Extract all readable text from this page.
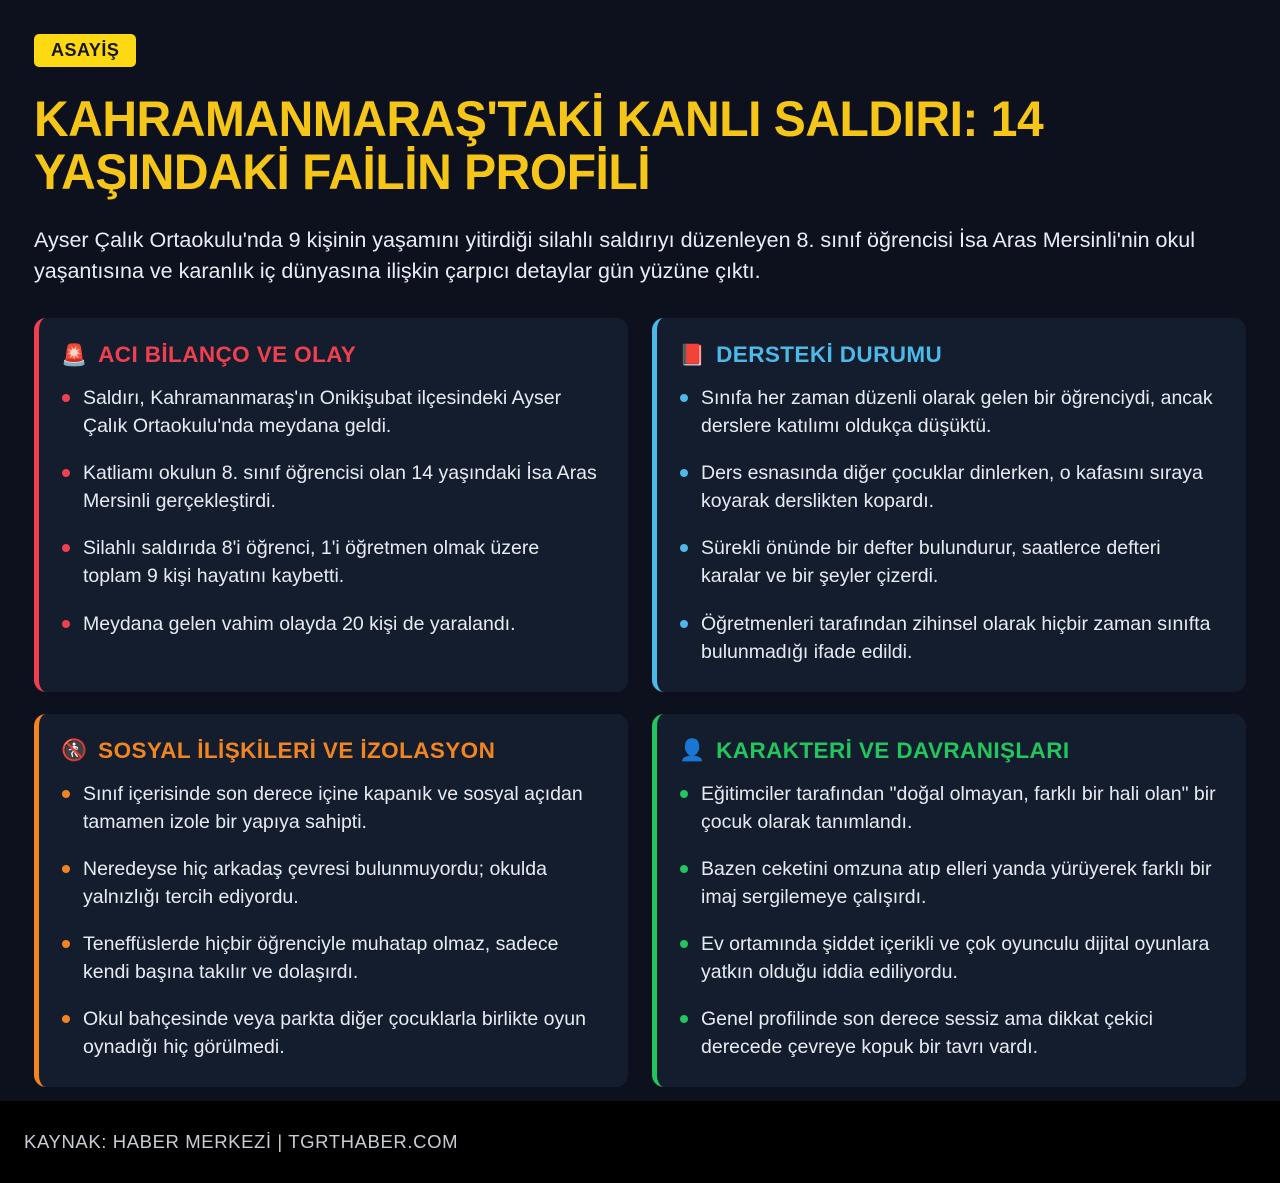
ASAYİŞ
KAHRAMANMARAŞ'TAKİ KANLI SALDIRI: 14 YAŞINDAKİ FAİLİN PROFİLİ

Ayser Çalık Ortaokulu'nda 9 kişinin yaşamını yitirdiği silahlı saldırıyı düzenleyen 8. sınıf öğrencisi İsa Aras Mersinli'nin okul yaşantısına ve karanlık iç dünyasına ilişkin çarpıcı detaylar gün yüzüne çıktı.

🚨 ACI BİLANÇO VE OLAY
Saldırı, Kahramanmaraş'ın Onikişubat ilçesindeki Ayser Çalık Ortaokulu'nda meydana geldi.
Katliamı okulun 8. sınıf öğrencisi olan 14 yaşındaki İsa Aras Mersinli gerçekleştirdi.
Silahlı saldırıda 8'i öğrenci, 1'i öğretmen olmak üzere toplam 9 kişi hayatını kaybetti.
Meydana gelen vahim olayda 20 kişi de yaralandı.
📕 DERSTEKİ DURUMU
Sınıfa her zaman düzenli olarak gelen bir öğrenciydi, ancak derslere katılımı oldukça düşüktü.
Ders esnasında diğer çocuklar dinlerken, o kafasını sıraya koyarak derslikten kopardı.
Sürekli önünde bir defter bulundurur, saatlerce defteri karalar ve bir şeyler çizerdi.
Öğretmenleri tarafından zihinsel olarak hiçbir zaman sınıfta bulunmadığı ifade edildi.
🚷 SOSYAL İLİŞKİLERİ VE İZOLASYON
Sınıf içerisinde son derece içine kapanık ve sosyal açıdan tamamen izole bir yapıya sahipti.
Neredeyse hiç arkadaş çevresi bulunmuyordu; okulda yalnızlığı tercih ediyordu.
Teneffüslerde hiçbir öğrenciyle muhatap olmaz, sadece kendi başına takılır ve dolaşırdı.
Okul bahçesinde veya parkta diğer çocuklarla birlikte oyun oynadığı hiç görülmedi.
👤 KARAKTERİ VE DAVRANIŞLARI
Eğitimciler tarafından "doğal olmayan, farklı bir hali olan" bir çocuk olarak tanımlandı.
Bazen ceketini omzuna atıp elleri yanda yürüyerek farklı bir imaj sergilemeye çalışırdı.
Ev ortamında şiddet içerikli ve çok oyunculu dijital oyunlara yatkın olduğu iddia ediliyordu.
Genel profilinde son derece sessiz ama dikkat çekici derecede çevreye kopuk bir tavrı vardı.
KAYNAK: HABER MERKEZİ | TGRTHABER.COM
